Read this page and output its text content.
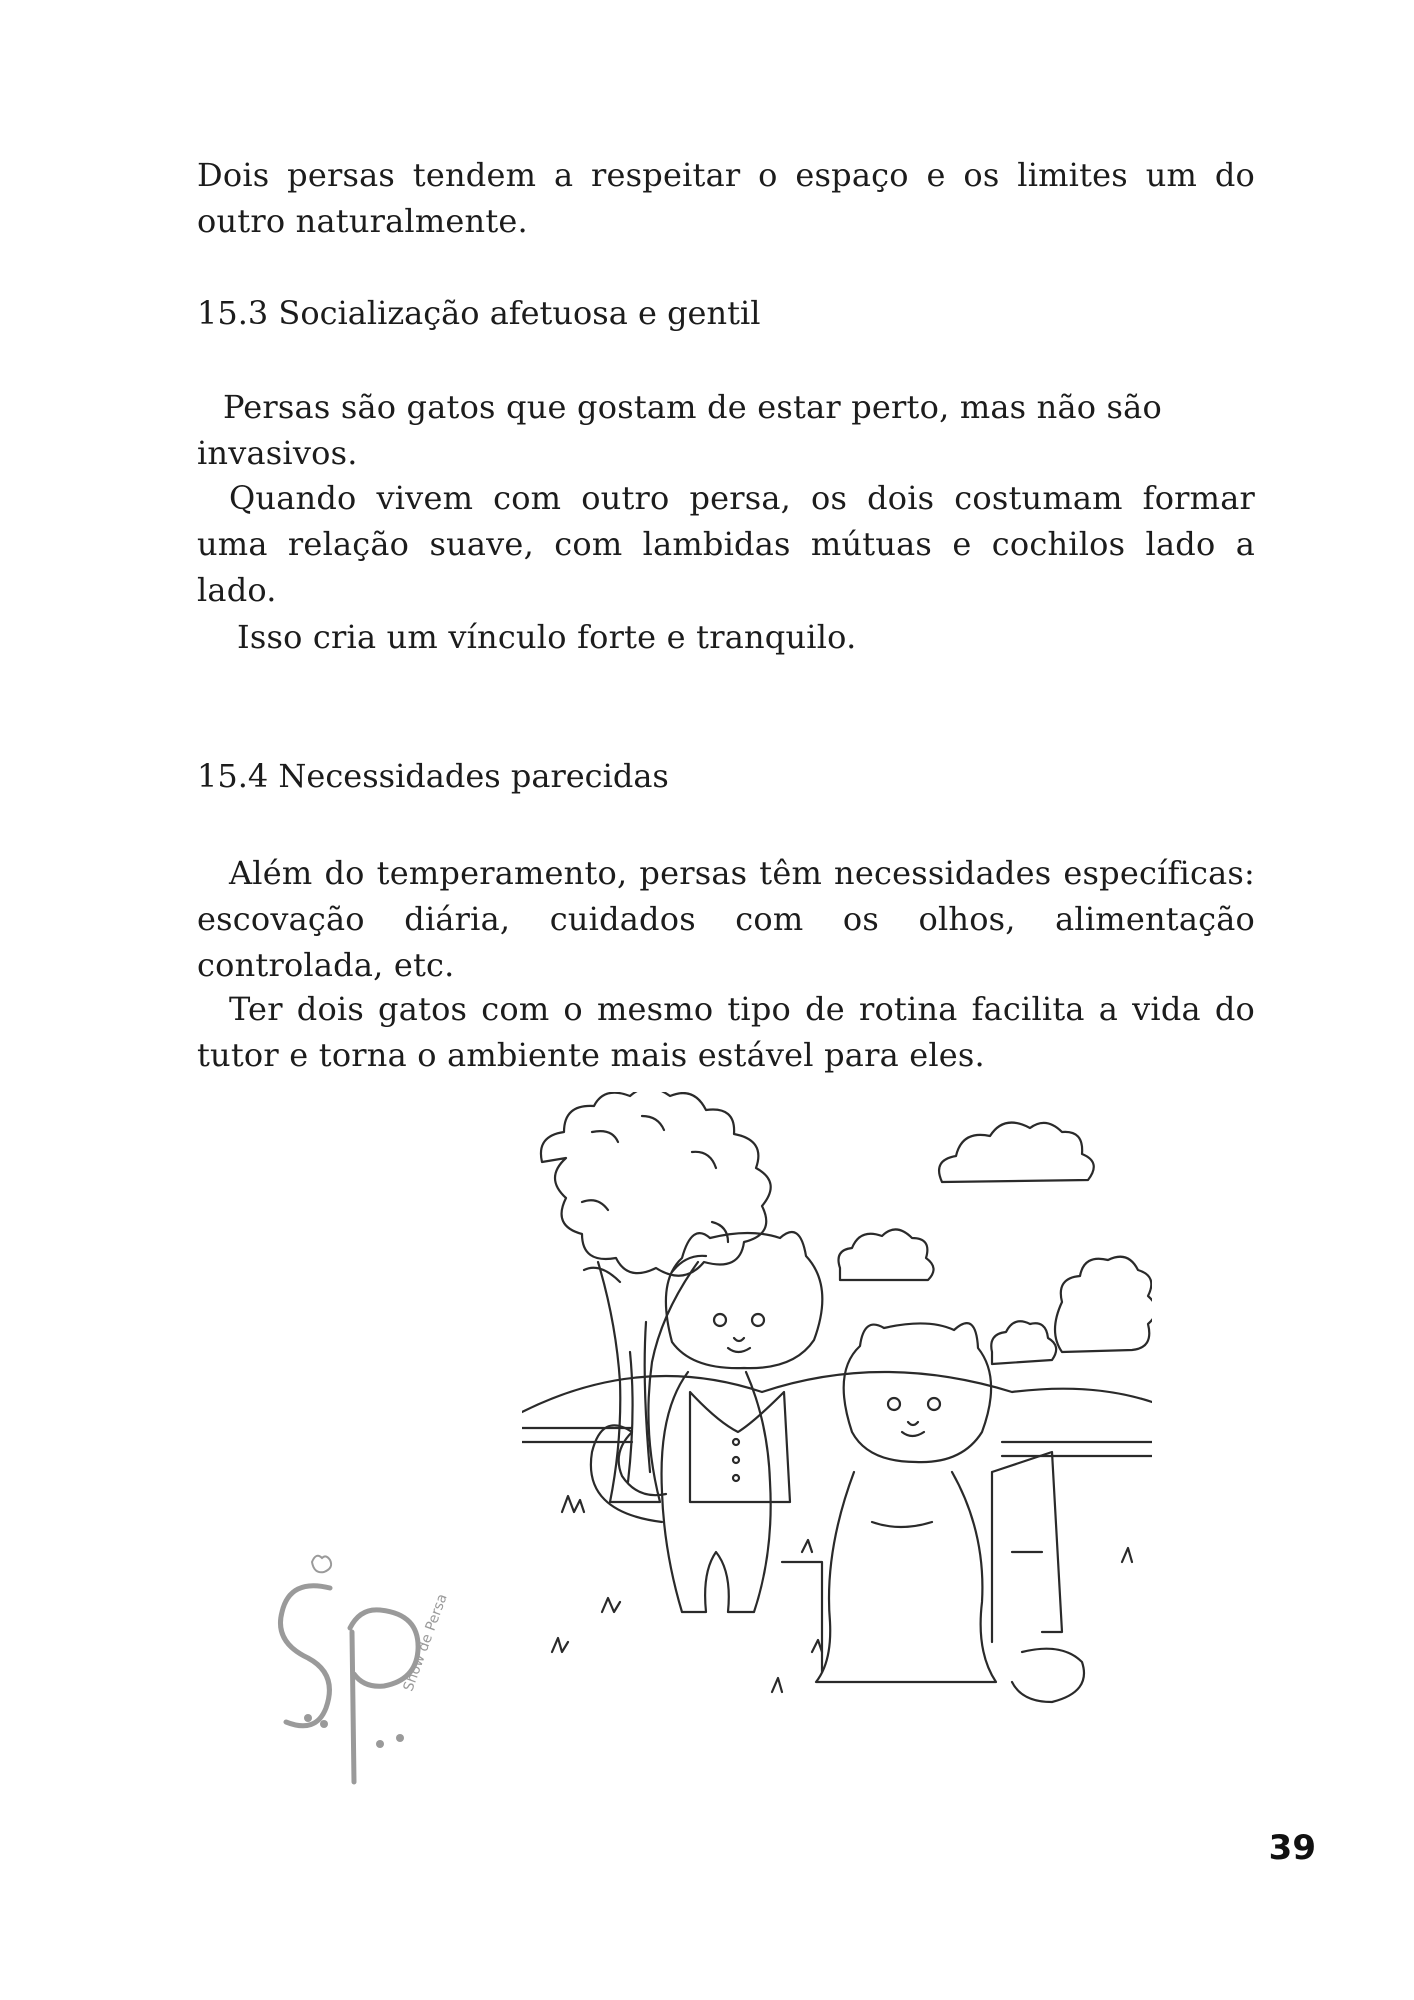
Dois persas tendem a respeitar o espaço e os limites um do outro naturalmente.

15.3 Socialização afetuosa e gentil

Persas são gatos que gostam de estar perto, mas não são invasivos.

Quando vivem com outro persa, os dois costumam formar uma relação suave, com lambidas mútuas e cochilos lado a lado.

Isso cria um vínculo forte e tranquilo.

15.4 Necessidades parecidas

Além do temperamento, persas têm necessidades específicas: escovação diária, cuidados com os olhos, alimentação controlada, etc.

Ter dois gatos com o mesmo tipo de rotina facilita a vida do tutor e torna o ambiente mais estável para eles.

Show de Persa

39
